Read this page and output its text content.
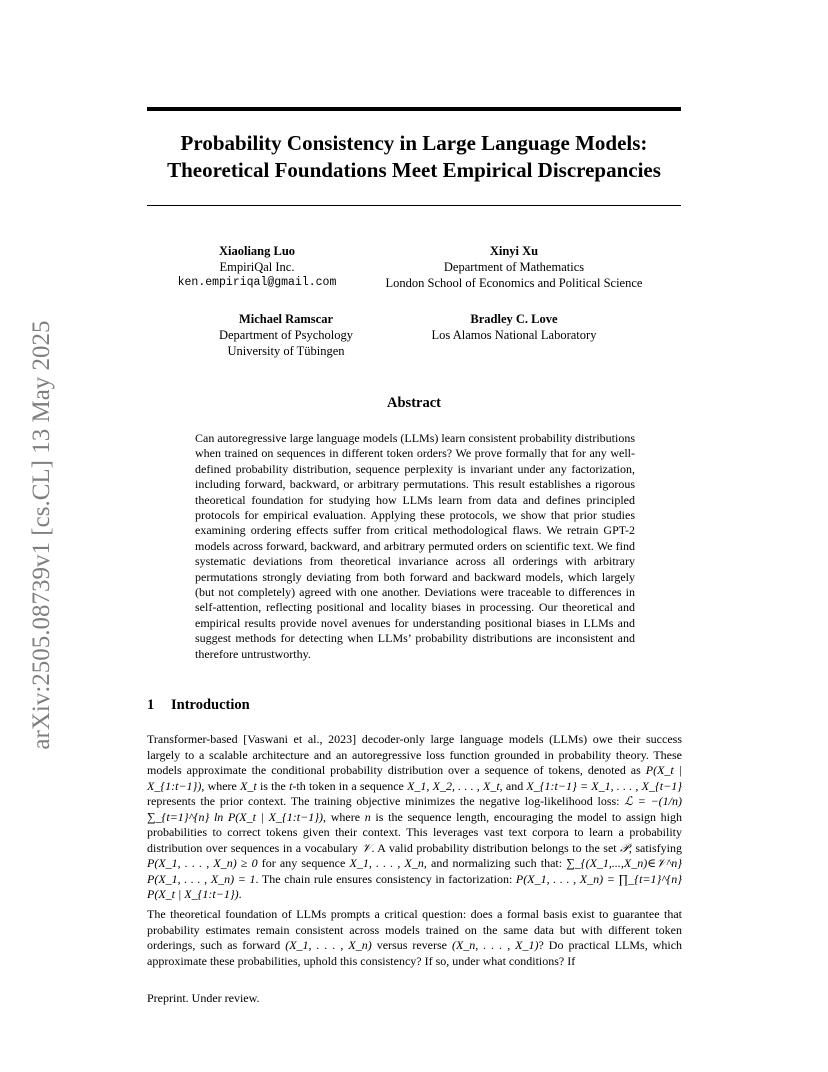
arXiv:2505.08739v1 [cs.CL] 13 May 2025
Probability Consistency in Large Language Models:
Theoretical Foundations Meet Empirical Discrepancies
Xiaoliang Luo
EmpiriQal Inc.
ken.empiriqal@gmail.com
Xinyi Xu
Department of Mathematics
London School of Economics and Political Science
Michael Ramscar
Department of Psychology
University of Tübingen
Bradley C. Love
Los Alamos National Laboratory
Abstract

Can autoregressive large language models (LLMs) learn consistent probability distributions when trained on sequences in different token orders? We prove formally that for any well-defined probability distribution, sequence perplexity is invariant under any factorization, including forward, backward, or arbitrary permutations. This result establishes a rigorous theoretical foundation for studying how LLMs learn from data and defines principled protocols for empirical evaluation. Applying these protocols, we show that prior studies examining ordering effects suffer from critical methodological flaws. We retrain GPT-2 models across forward, backward, and arbitrary permuted orders on scientific text. We find systematic deviations from theoretical invariance across all orderings with arbitrary permutations strongly deviating from both forward and backward models, which largely (but not completely) agreed with one another. Deviations were traceable to differences in self-attention, reflecting positional and locality biases in processing. Our theoretical and empirical results provide novel avenues for understanding positional biases in LLMs and suggest methods for detecting when LLMs’ probability distributions are inconsistent and therefore untrustworthy.

1 Introduction

Transformer-based [Vaswani et al., 2023] decoder-only large language models (LLMs) owe their success largely to a scalable architecture and an autoregressive loss function grounded in probability theory. These models approximate the conditional probability distribution over a sequence of tokens, denoted as P(X_t | X_{1:t−1}), where X_t is the t-th token in a sequence X_1, X_2, . . . , X_t, and X_{1:t−1} = X_1, . . . , X_{t−1} represents the prior context. The training objective minimizes the negative log-likelihood loss: ℒ = −(1/n) ∑_{t=1}^{n} ln P(X_t | X_{1:t−1}), where n is the sequence length, encouraging the model to assign high probabilities to correct tokens given their context. This leverages vast text corpora to learn a probability distribution over sequences in a vocabulary 𝒱. A valid probability distribution belongs to the set 𝒫, satisfying P(X_1, . . . , X_n) ≥ 0 for any sequence X_1, . . . , X_n, and normalizing such that: ∑_{(X_1,...,X_n)∈𝒱^n} P(X_1, . . . , X_n) = 1. The chain rule ensures consistency in factorization: P(X_1, . . . , X_n) = ∏_{t=1}^{n} P(X_t | X_{1:t−1}).

The theoretical foundation of LLMs prompts a critical question: does a formal basis exist to guarantee that probability estimates remain consistent across models trained on the same data but with different token orderings, such as forward (X_1, . . . , X_n) versus reverse (X_n, . . . , X_1)? Do practical LLMs, which approximate these probabilities, uphold this consistency? If so, under what conditions? If

Preprint. Under review.
